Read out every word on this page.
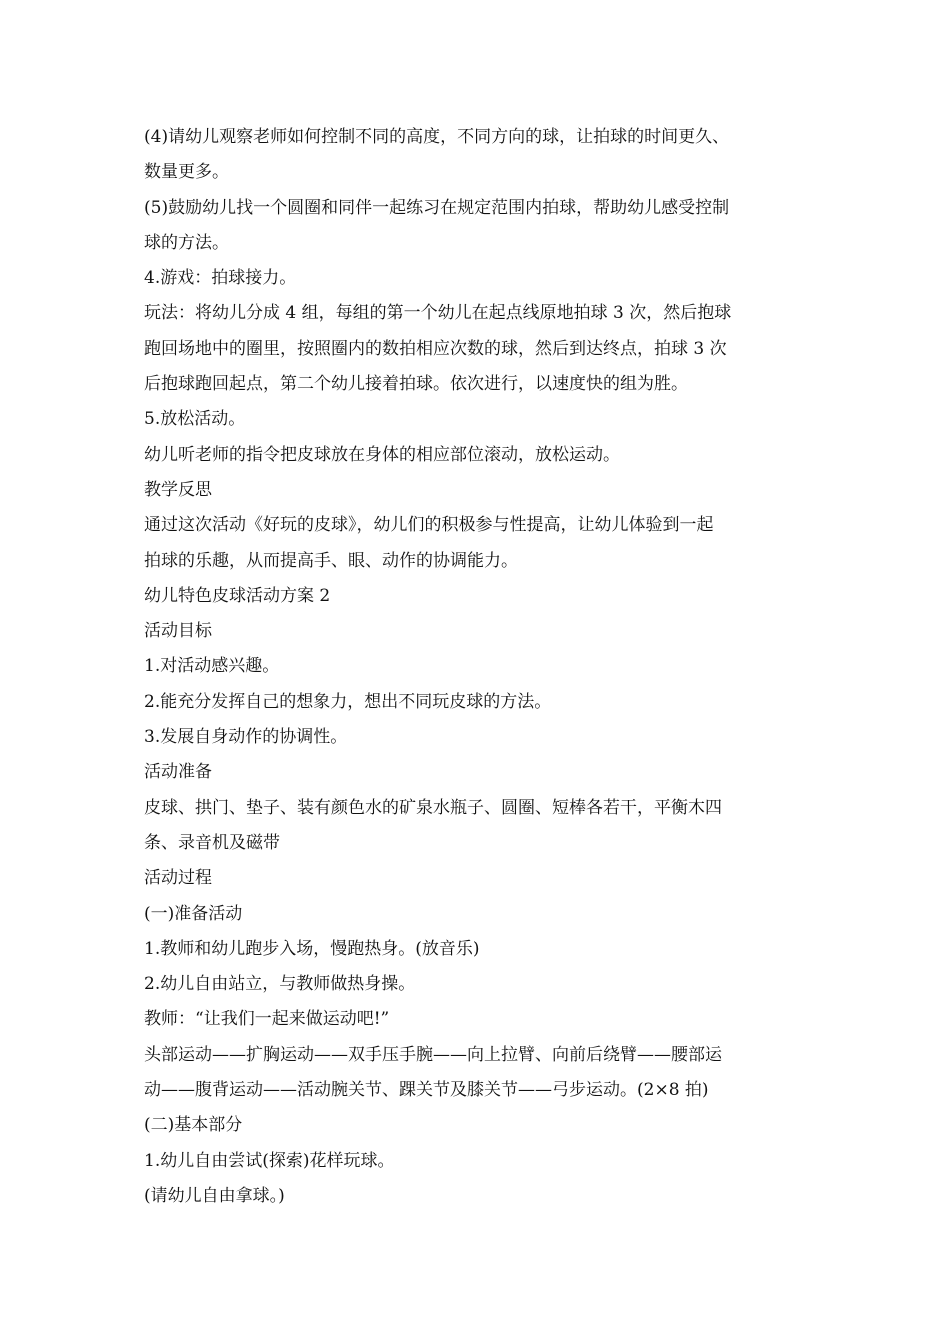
(4)请幼儿观察老师如何控制不同的高度，不同方向的球，让拍球的时间更久、
数量更多。
(5)鼓励幼儿找一个圆圈和同伴一起练习在规定范围内拍球，帮助幼儿感受控制
球的方法。
4.游戏：拍球接力。
玩法：将幼儿分成 4 组，每组的第一个幼儿在起点线原地拍球 3 次，然后抱球
跑回场地中的圈里，按照圈内的数拍相应次数的球，然后到达终点，拍球 3 次
后抱球跑回起点，第二个幼儿接着拍球。依次进行，以速度快的组为胜。
5.放松活动。
幼儿听老师的指令把皮球放在身体的相应部位滚动，放松运动。
教学反思
通过这次活动《好玩的皮球》，幼儿们的积极参与性提高，让幼儿体验到一起
拍球的乐趣，从而提高手、眼、动作的协调能力。
幼儿特色皮球活动方案 2
活动目标
1.对活动感兴趣。
2.能充分发挥自己的想象力，想出不同玩皮球的方法。
3.发展自身动作的协调性。
活动准备
皮球、拱门、垫子、装有颜色水的矿泉水瓶子、圆圈、短棒各若干，平衡木四
条、录音机及磁带
活动过程
(一)准备活动
1.教师和幼儿跑步入场，慢跑热身。(放音乐)
2.幼儿自由站立，与教师做热身操。
教师：“让我们一起来做运动吧!”
头部运动——扩胸运动——双手压手腕——向上拉臂、向前后绕臂——腰部运
动——腹背运动——活动腕关节、踝关节及膝关节——弓步运动。(2×8 拍)
(二)基本部分
1.幼儿自由尝试(探索)花样玩球。
(请幼儿自由拿球。)
